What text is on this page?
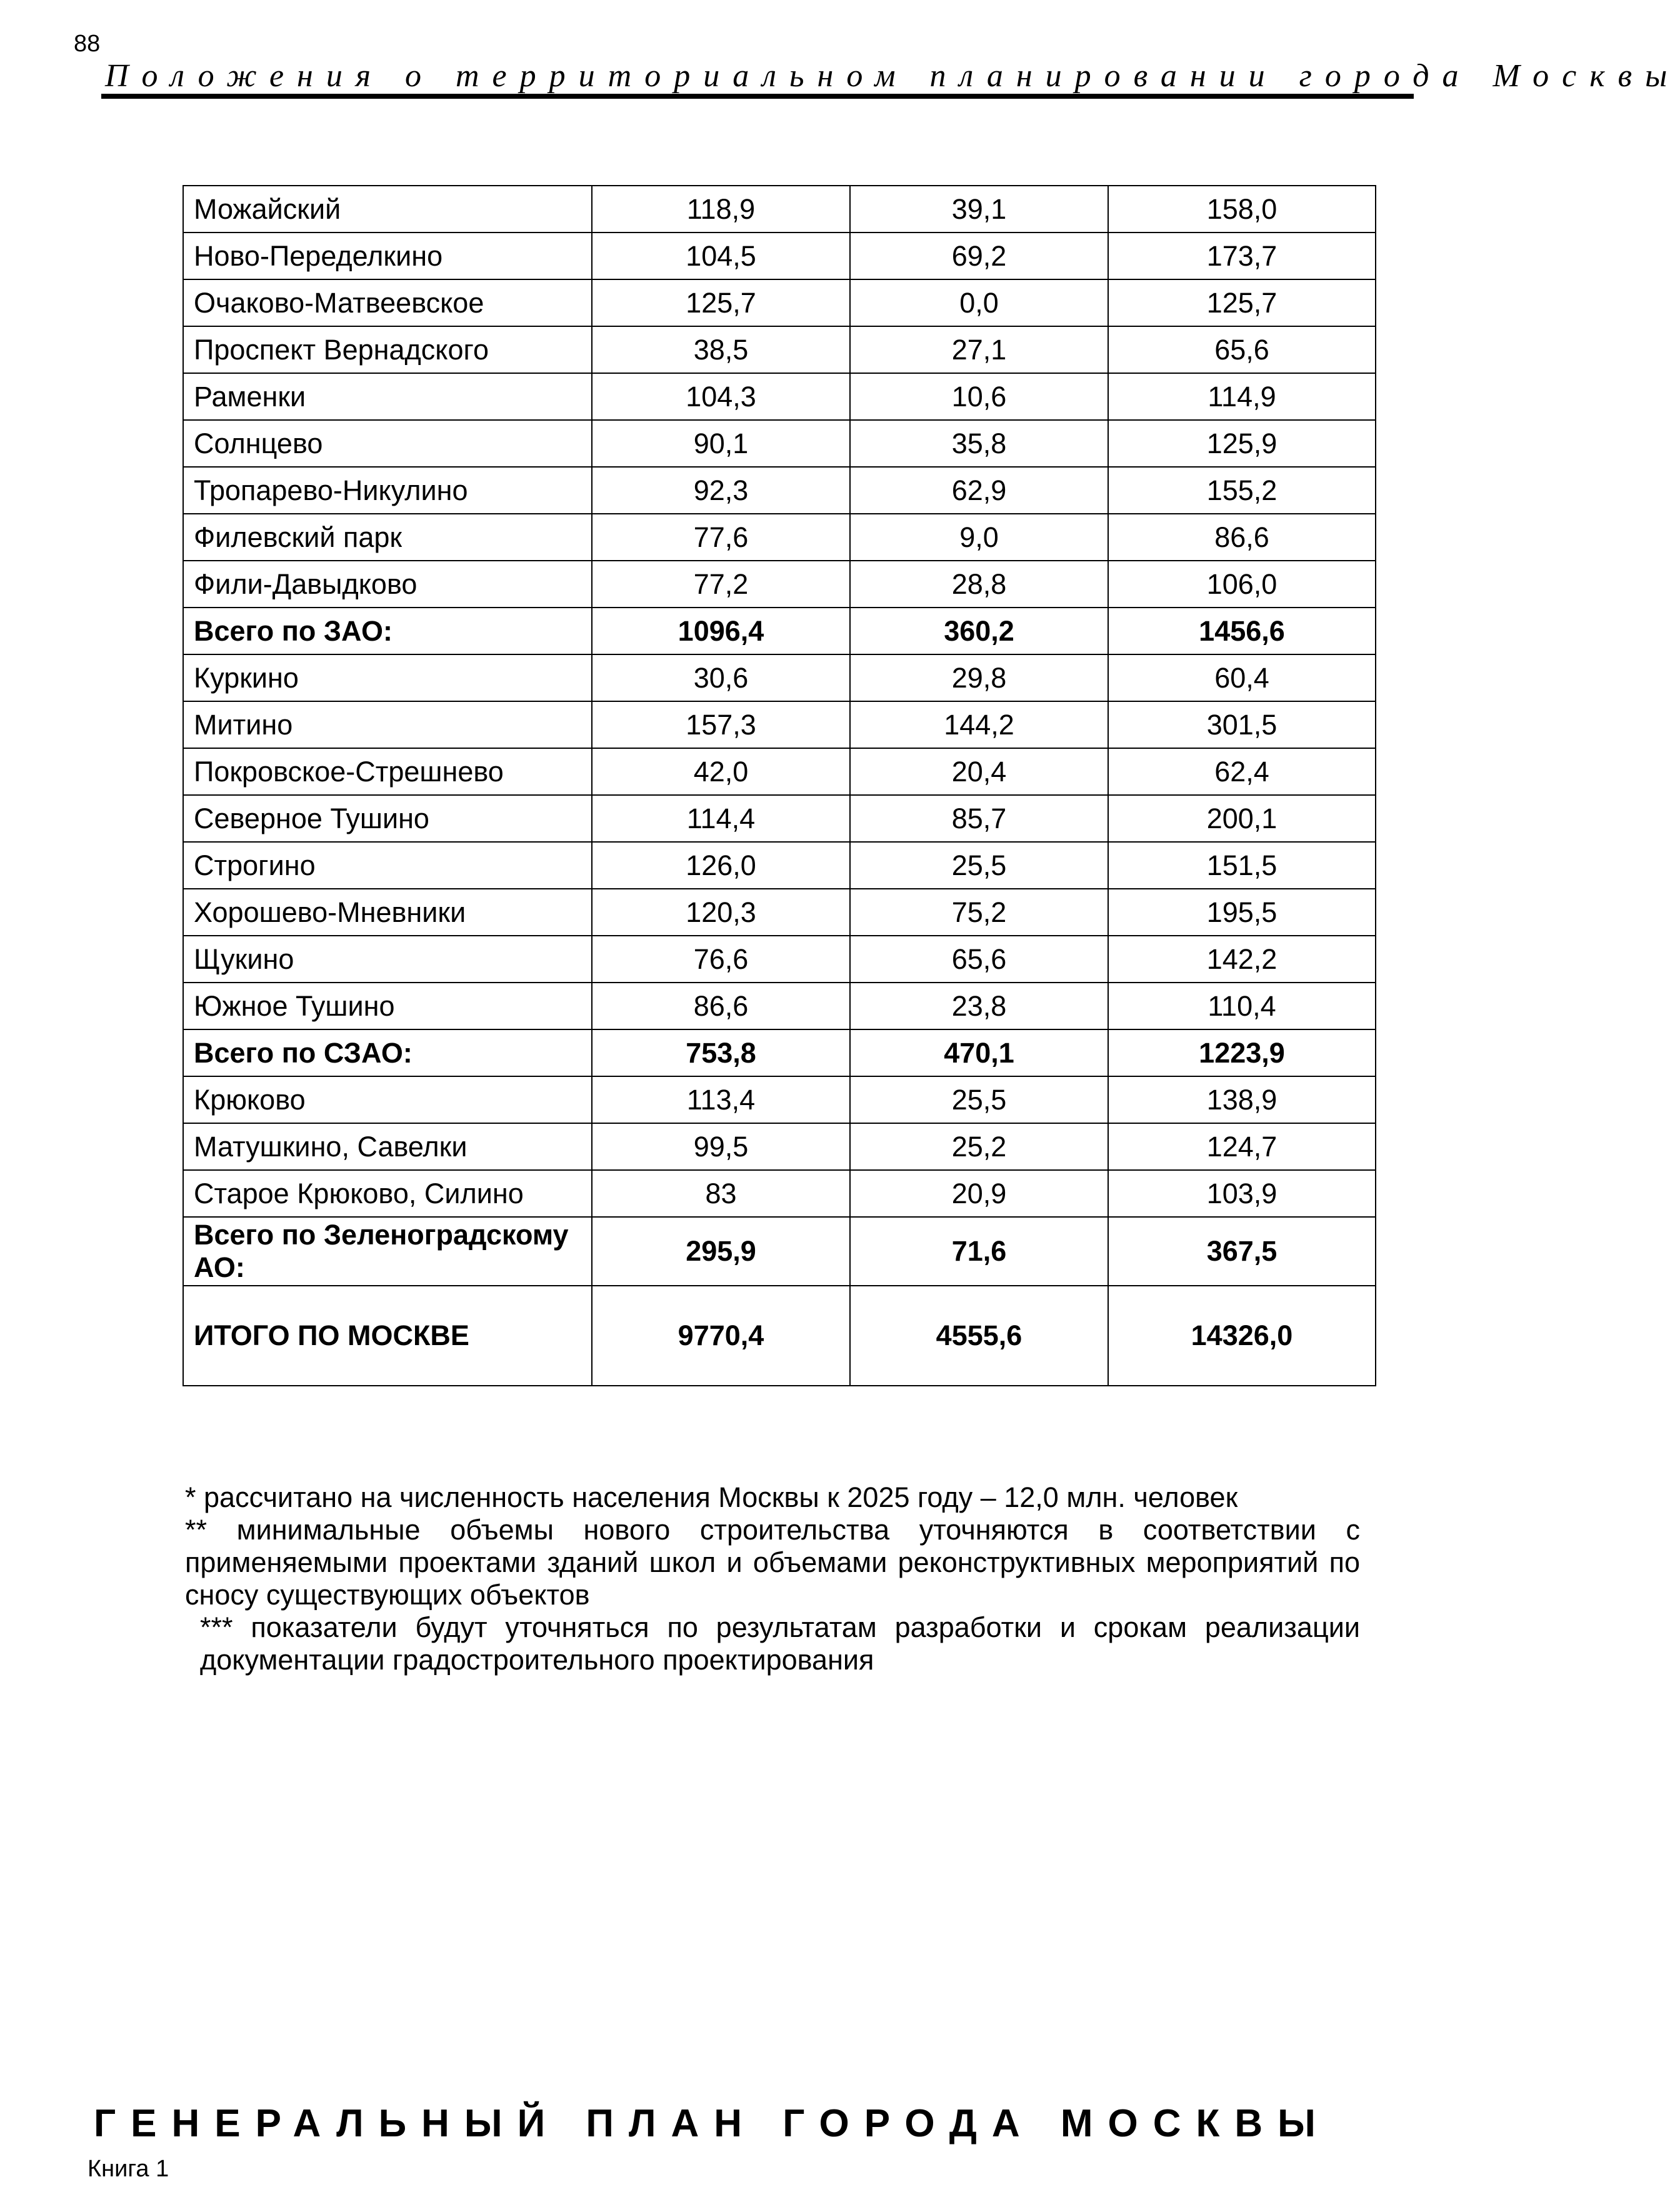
88
Положения о территориальном планировании города Москвы
Можайский	118,9	39,1	158,0
Ново-Переделкино	104,5	69,2	173,7
Очаково-Матвеевское	125,7	0,0	125,7
Проспект Вернадского	38,5	27,1	65,6
Раменки	104,3	10,6	114,9
Солнцево	90,1	35,8	125,9
Тропарево-Никулино	92,3	62,9	155,2
Филевский парк	77,6	9,0	86,6
Фили-Давыдково	77,2	28,8	106,0
Всего по ЗАО:	1096,4	360,2	1456,6
Куркино	30,6	29,8	60,4
Митино	157,3	144,2	301,5
Покровское-Стрешнево	42,0	20,4	62,4
Северное Тушино	114,4	85,7	200,1
Строгино	126,0	25,5	151,5
Хорошево-Мневники	120,3	75,2	195,5
Щукино	76,6	65,6	142,2
Южное Тушино	86,6	23,8	110,4
Всего по СЗАО:	753,8	470,1	1223,9
Крюково	113,4	25,5	138,9
Матушкино, Савелки	99,5	25,2	124,7
Старое Крюково, Силино	83	20,9	103,9
Всего по Зеленоградскому АО:	295,9	71,6	367,5
ИТОГО ПО МОСКВЕ	9770,4	4555,6	14326,0

* рассчитано на численность населения Москвы к 2025 году – 12,0 млн. человек

** минимальные объемы нового строительства уточняются в соответствии с применяемыми проектами зданий школ и объемами реконструктивных мероприятий по сносу существующих объектов

*** показатели будут уточняться по результатам разработки и срокам реализации документации градостроительного проектирования

ГЕНЕРАЛЬНЫЙ ПЛАН ГОРОДА МОСКВЫ
Книга 1
